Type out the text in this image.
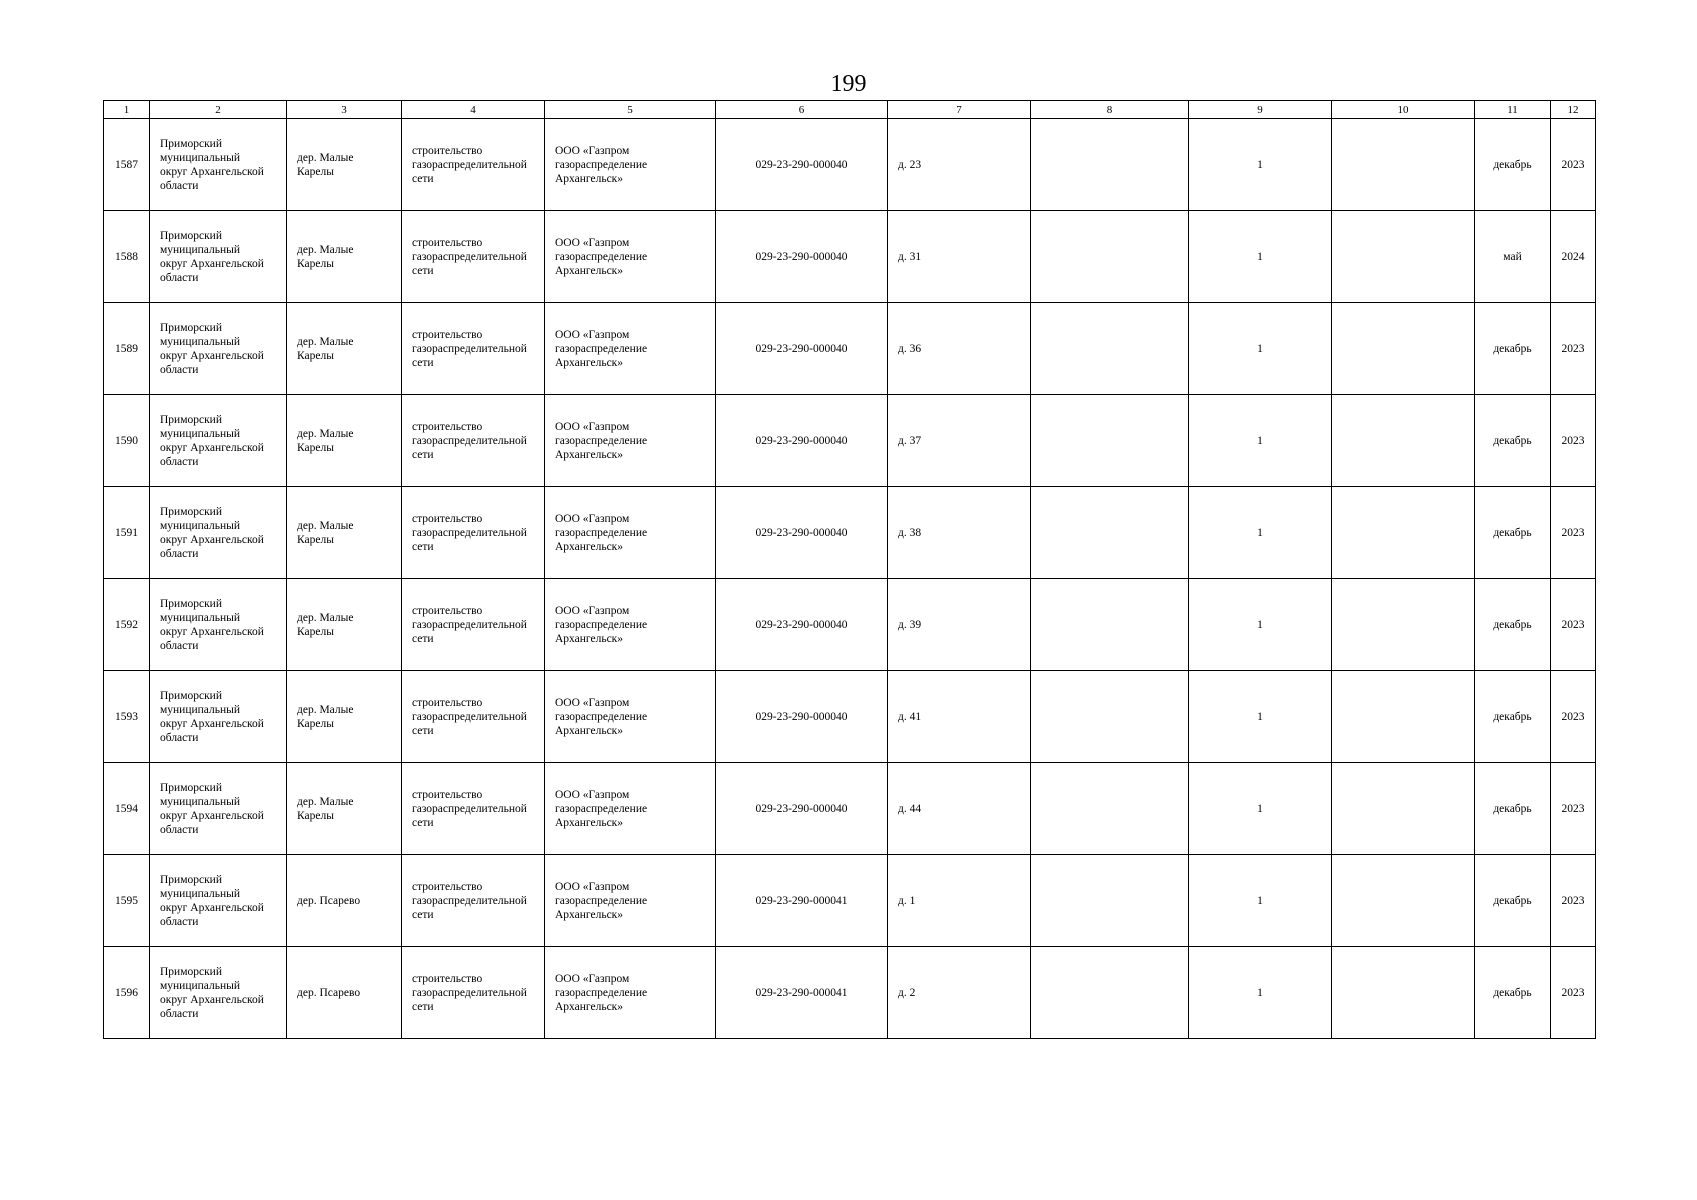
199
1	2	3	4	5	6	7	8	9	10	11	12
1587	Приморский
муниципальный
округ Архангельской
области	дер. Малые
Карелы	строительство
газораспределительной
сети	ООО «Газпром
газораспределение
Архангельск»	029-23-290-000040	д. 23		1		декабрь	2023
1588	Приморский
муниципальный
округ Архангельской
области	дер. Малые
Карелы	строительство
газораспределительной
сети	ООО «Газпром
газораспределение
Архангельск»	029-23-290-000040	д. 31		1		май	2024
1589	Приморский
муниципальный
округ Архангельской
области	дер. Малые
Карелы	строительство
газораспределительной
сети	ООО «Газпром
газораспределение
Архангельск»	029-23-290-000040	д. 36		1		декабрь	2023
1590	Приморский
муниципальный
округ Архангельской
области	дер. Малые
Карелы	строительство
газораспределительной
сети	ООО «Газпром
газораспределение
Архангельск»	029-23-290-000040	д. 37		1		декабрь	2023
1591	Приморский
муниципальный
округ Архангельской
области	дер. Малые
Карелы	строительство
газораспределительной
сети	ООО «Газпром
газораспределение
Архангельск»	029-23-290-000040	д. 38		1		декабрь	2023
1592	Приморский
муниципальный
округ Архангельской
области	дер. Малые
Карелы	строительство
газораспределительной
сети	ООО «Газпром
газораспределение
Архангельск»	029-23-290-000040	д. 39		1		декабрь	2023
1593	Приморский
муниципальный
округ Архангельской
области	дер. Малые
Карелы	строительство
газораспределительной
сети	ООО «Газпром
газораспределение
Архангельск»	029-23-290-000040	д. 41		1		декабрь	2023
1594	Приморский
муниципальный
округ Архангельской
области	дер. Малые
Карелы	строительство
газораспределительной
сети	ООО «Газпром
газораспределение
Архангельск»	029-23-290-000040	д. 44		1		декабрь	2023
1595	Приморский
муниципальный
округ Архангельской
области	дер. Псарево	строительство
газораспределительной
сети	ООО «Газпром
газораспределение
Архангельск»	029-23-290-000041	д. 1		1		декабрь	2023
1596	Приморский
муниципальный
округ Архангельской
области	дер. Псарево	строительство
газораспределительной
сети	ООО «Газпром
газораспределение
Архангельск»	029-23-290-000041	д. 2		1		декабрь	2023
